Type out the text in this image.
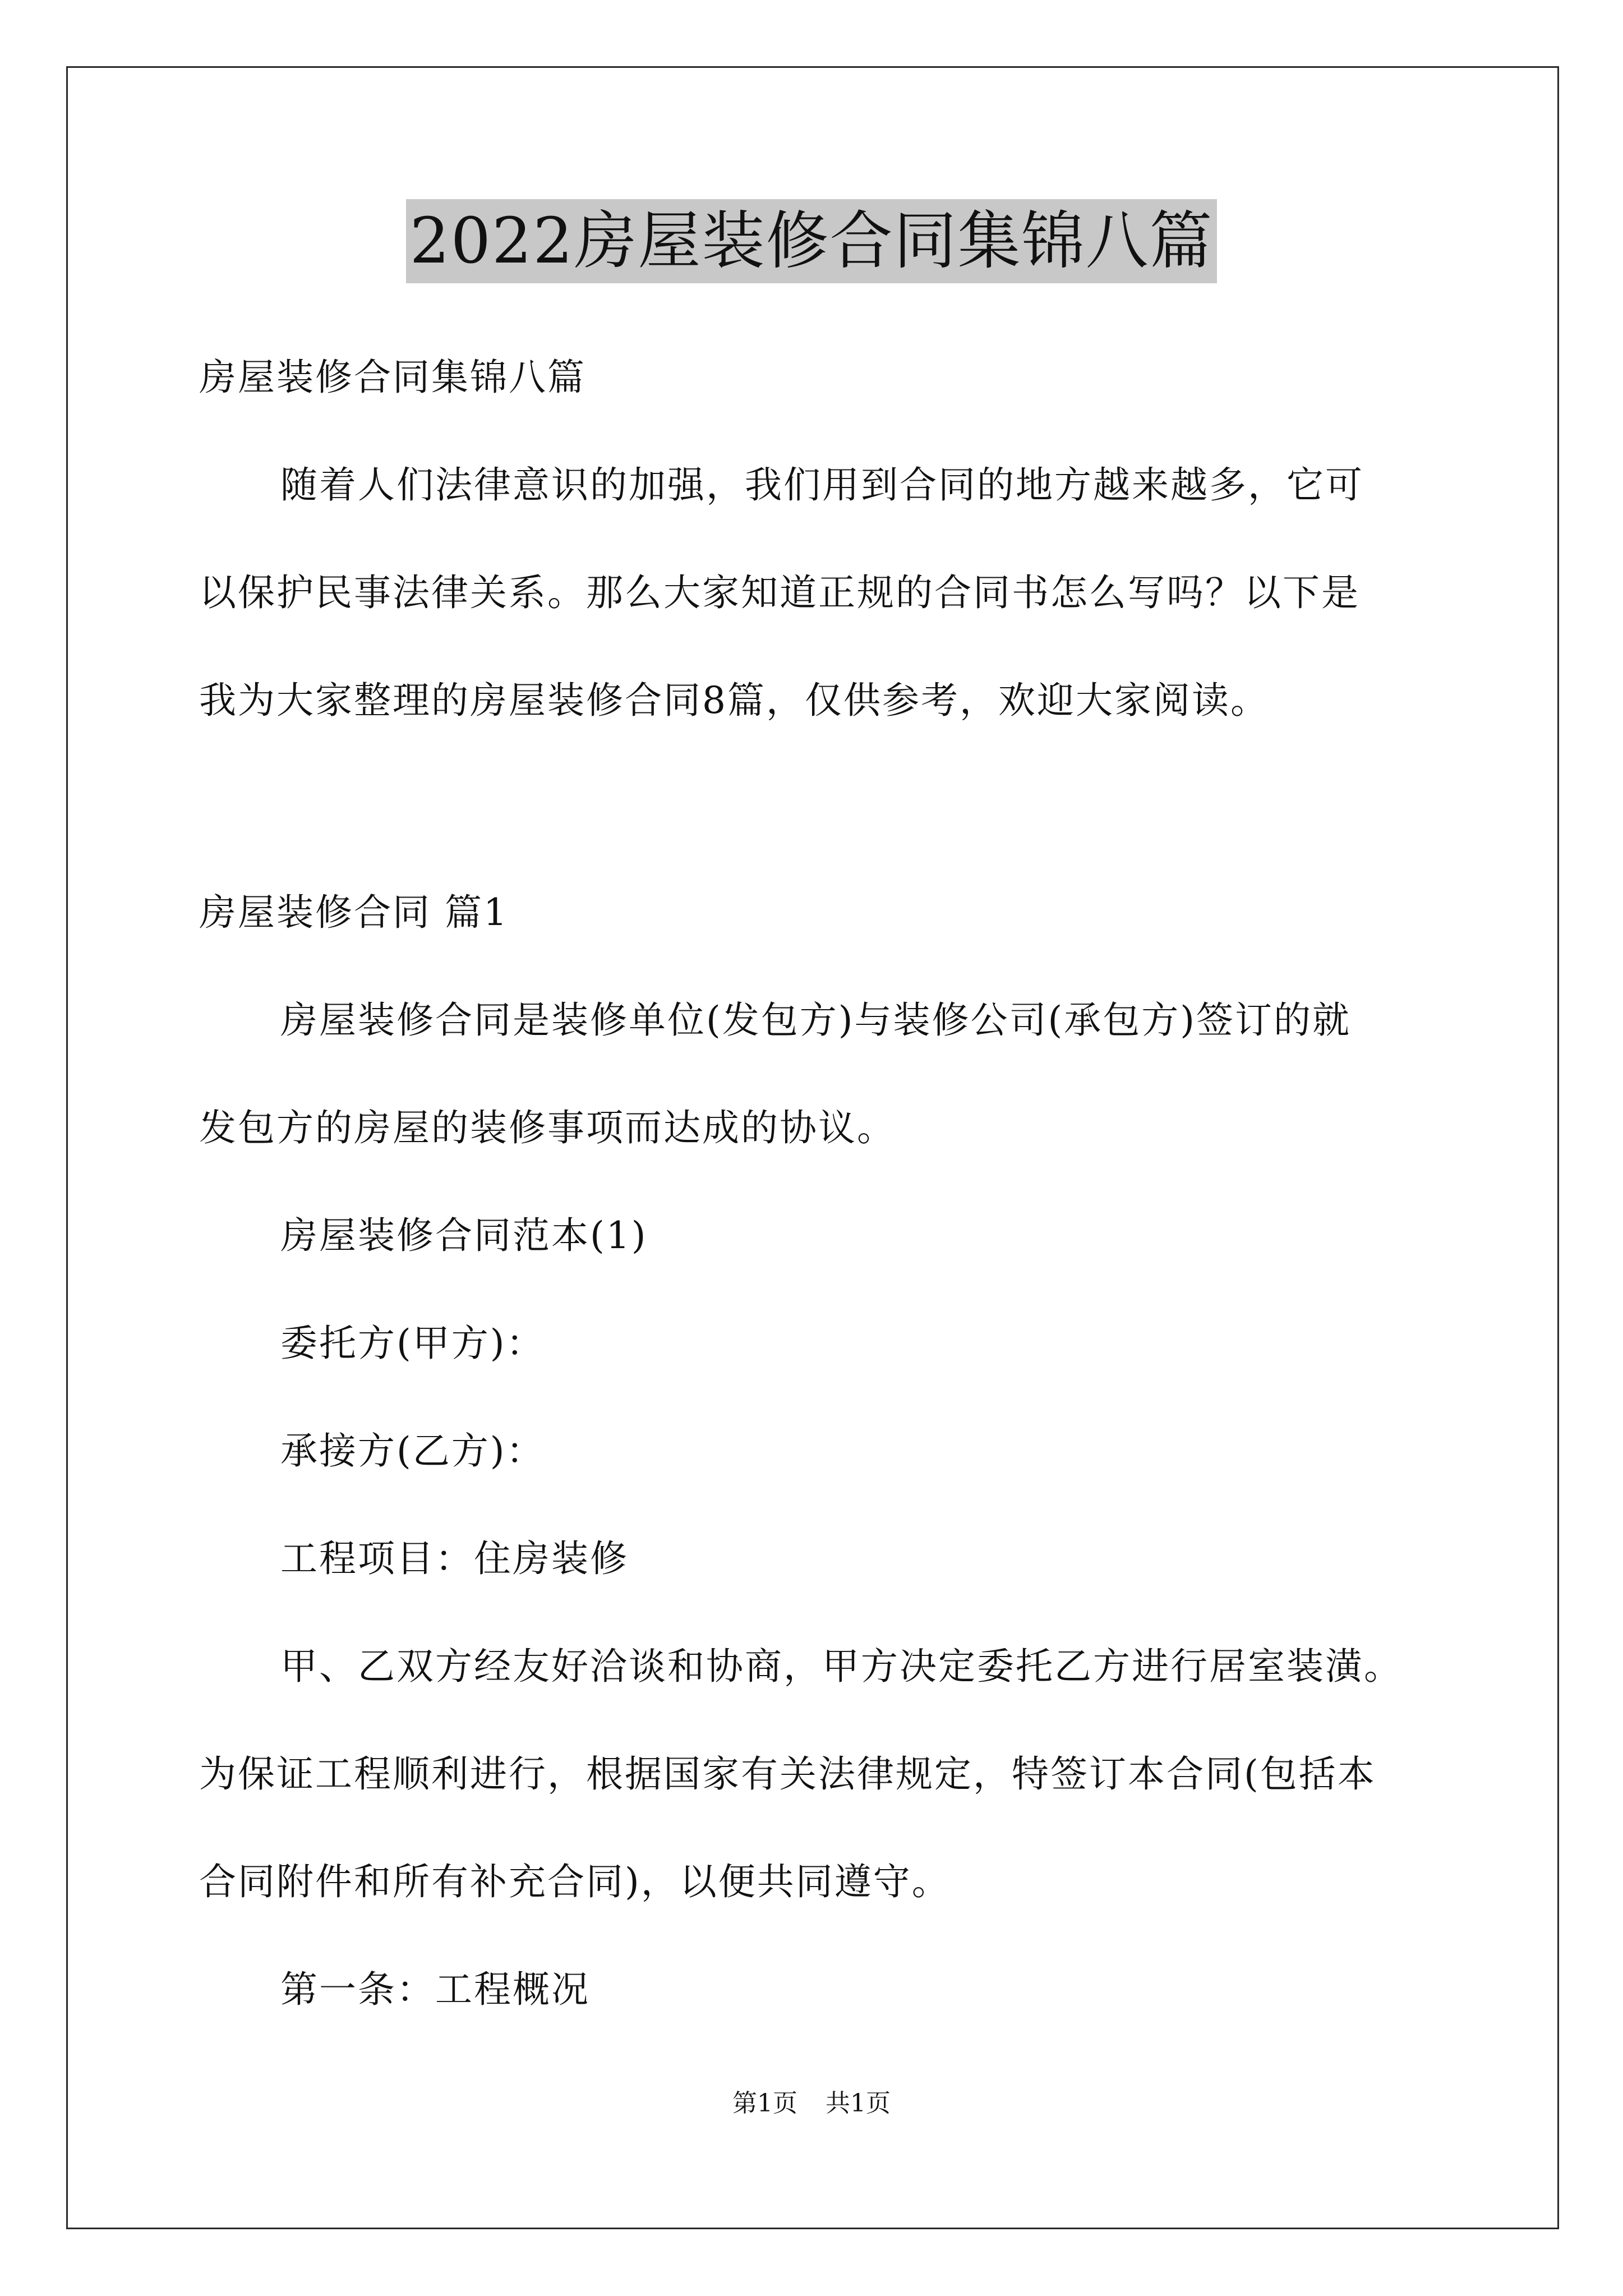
2022房屋装修合同集锦八篇
房屋装修合同集锦八篇
随着人们法律意识的加强，我们用到合同的地方越来越多，它可
以保护民事法律关系。那么大家知道正规的合同书怎么写吗？以下是
我为大家整理的房屋装修合同8篇，仅供参考，欢迎大家阅读。
房屋装修合同 篇1
房屋装修合同是装修单位(发包方)与装修公司(承包方)签订的就
发包方的房屋的装修事项而达成的协议。
房屋装修合同范本(1)
委托方(甲方)：
承接方(乙方)：
工程项目：住房装修
甲、乙双方经友好洽谈和协商，甲方决定委托乙方进行居室装潢。
为保证工程顺利进行，根据国家有关法律规定，特签订本合同(包括本
合同附件和所有补充合同)，以便共同遵守。
第一条：工程概况
第1页 共1页
